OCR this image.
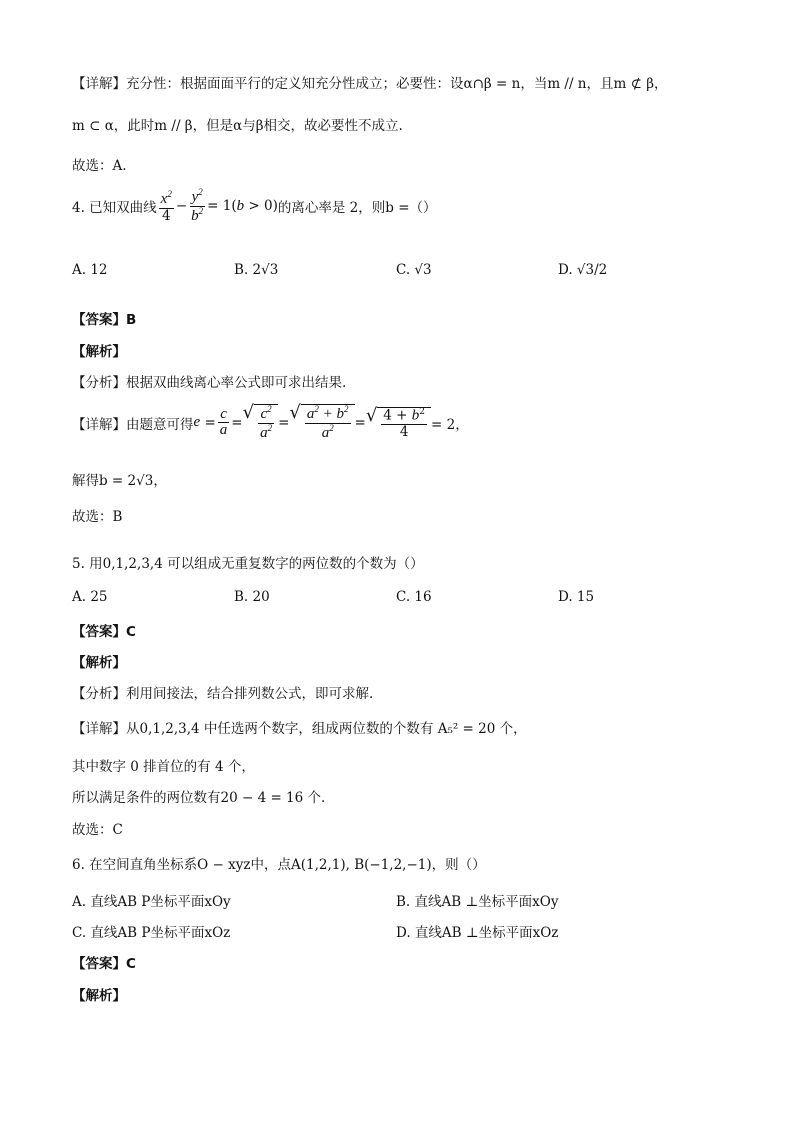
【详解】充分性：根据面面平行的定义知充分性成立；必要性：设α∩β = n，当m // n，且m ⊄ β，
m ⊂ α，此时m // β，但是α与β相交，故必要性不成立.
故选：A.
4. 已知双曲线 $\frac{x^2}{4} - \frac{y^2}{b^2} = 1(b > 0)$ 的离心率是 2，则b =（）
A. 12	B. 2√3	C. √3	D. √3/2
【答案】B
【解析】
【分析】根据双曲线离心率公式即可求出结果.
【详解】由题意可得 $e = \frac{c}{a}$ = √ $\frac{c^2}{a^2}$ = √ $\frac{a^2 + b^2}{a^2}$ = √ $\frac{4 + b^2}{4} = 2$，
解得b = 2√3，
故选：B
5. 用0,1,2,3,4 可以组成无重复数字的两位数的个数为（）
A. 25	B. 20	C. 16	D. 15
【答案】C
【解析】
【分析】利用间接法，结合排列数公式，即可求解.
【详解】从0,1,2,3,4 中任选两个数字，组成两位数的个数有 A₅² = 20 个，
其中数字 0 排首位的有 4 个，
所以满足条件的两位数有20 − 4 = 16 个.
故选：C
6. 在空间直角坐标系O − xyz中，点A(1,2,1), B(−1,2,−1)，则（）
A. 直线AB P坐标平面xOy	B. 直线AB ⊥坐标平面xOy
C. 直线AB P坐标平面xOz	D. 直线AB ⊥坐标平面xOz
【答案】C
【解析】
